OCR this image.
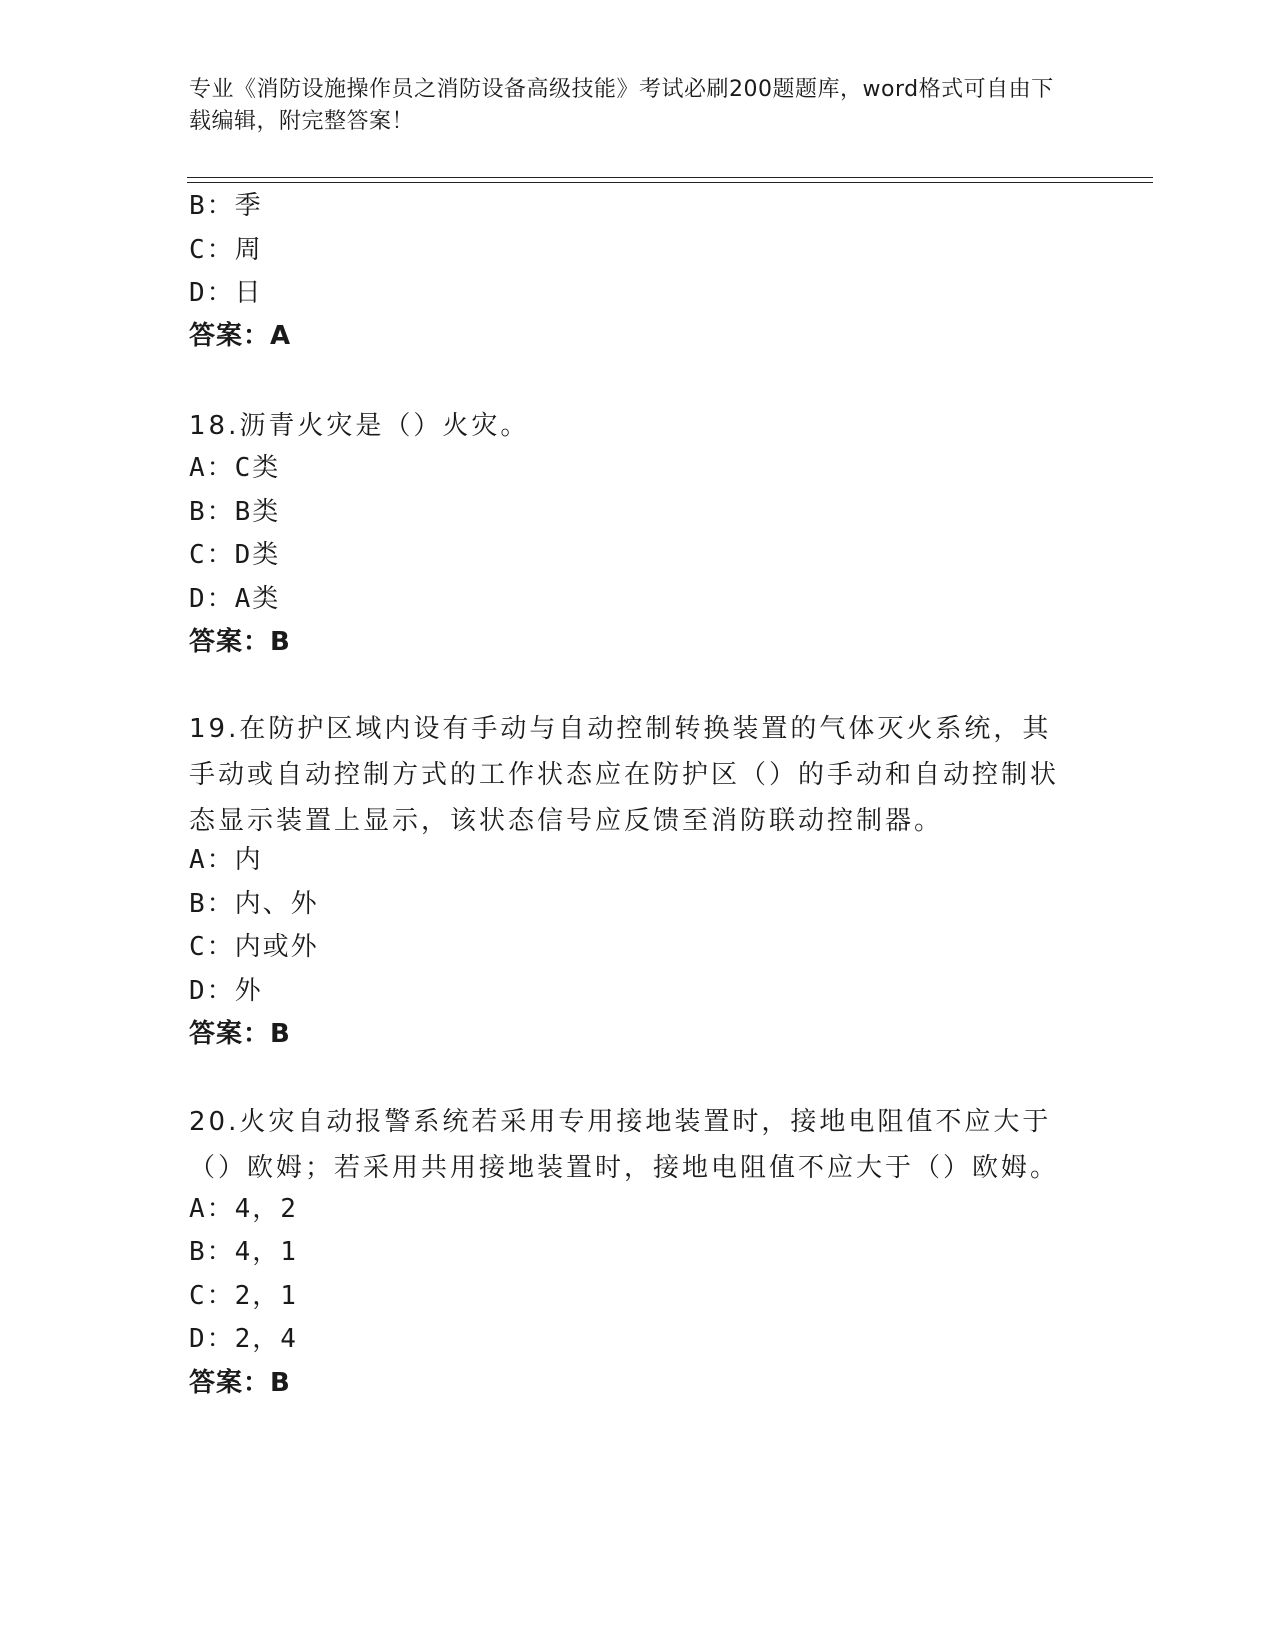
专业《消防设施操作员之消防设备高级技能》考试必刷200题题库，word格式可自由下载编辑，附完整答案！
B：季
C：周
D：日
答案：A
18.沥青火灾是（）火灾。
A：C类
B：B类
C：D类
D：A类
答案：B
19.在防护区域内设有手动与自动控制转换装置的气体灭火系统，其手动或自动控制方式的工作状态应在防护区（）的手动和自动控制状态显示装置上显示，该状态信号应反馈至消防联动控制器。
A：内
B：内、外
C：内或外
D：外
答案：B
20.火灾自动报警系统若采用专用接地装置时，接地电阻值不应大于（）欧姆；若采用共用接地装置时，接地电阻值不应大于（）欧姆。
A：4，2
B：4，1
C：2，1
D：2，4
答案：B
